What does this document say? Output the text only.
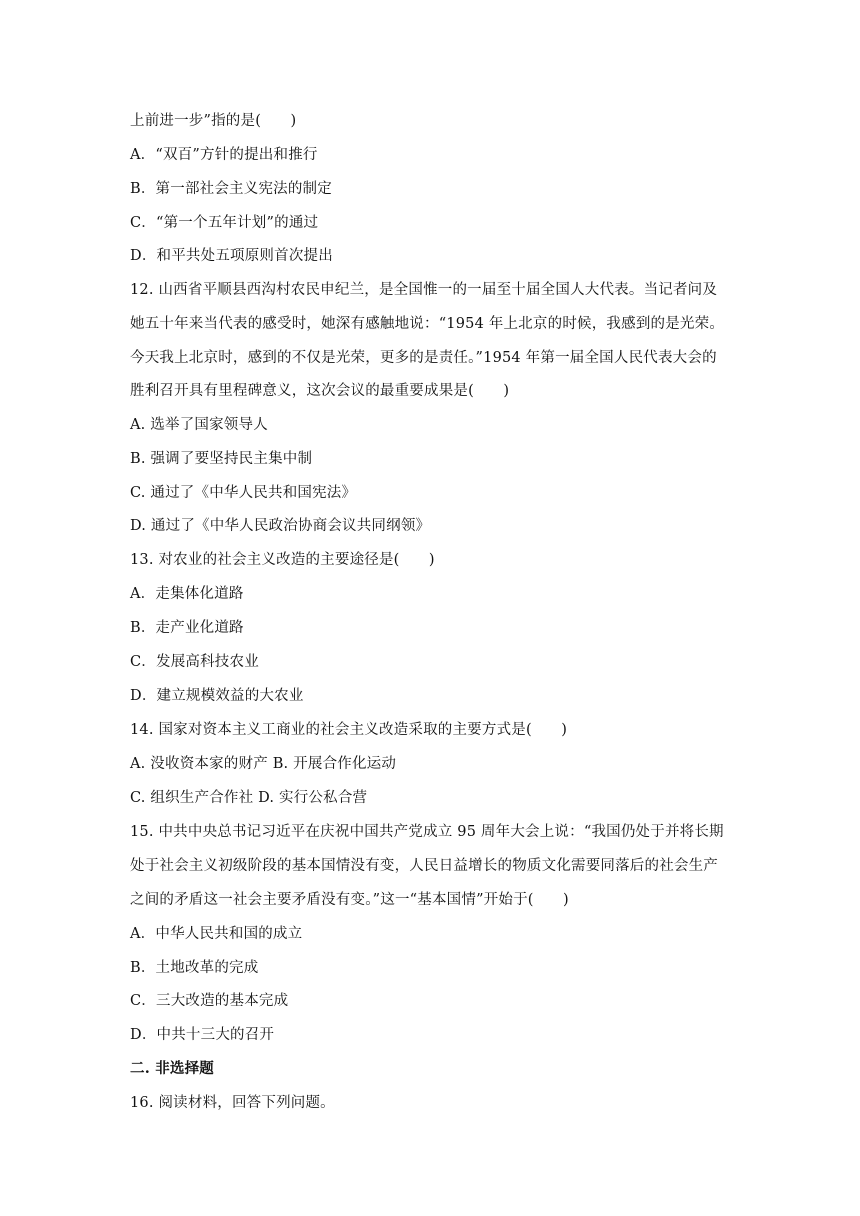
上前进一步”指的是(　　)
A．“双百”方针的提出和推行
B．第一部社会主义宪法的制定
C．“第一个五年计划”的通过
D．和平共处五项原则首次提出
12. 山西省平顺县西沟村农民申纪兰，是全国惟一的一届至十届全国人大代表。当记者问及
她五十年来当代表的感受时，她深有感触地说：“1954 年上北京的时候，我感到的是光荣。
今天我上北京时，感到的不仅是光荣，更多的是责任。”1954 年第一届全国人民代表大会的
胜利召开具有里程碑意义，这次会议的最重要成果是(　　)
A. 选举了国家领导人
B. 强调了要坚持民主集中制
C. 通过了《中华人民共和国宪法》
D. 通过了《中华人民政治协商会议共同纲领》
13. 对农业的社会主义改造的主要途径是(　　)
A．走集体化道路
B．走产业化道路
C．发展高科技农业
D．建立规模效益的大农业
14. 国家对资本主义工商业的社会主义改造采取的主要方式是(　　)
A. 没收资本家的财产 B. 开展合作化运动
C. 组织生产合作社 D. 实行公私合营
15. 中共中央总书记习近平在庆祝中国共产党成立 95 周年大会上说：“我国仍处于并将长期
处于社会主义初级阶段的基本国情没有变，人民日益增长的物质文化需要同落后的社会生产
之间的矛盾这一社会主要矛盾没有变。”这一“基本国情”开始于(　　)
A．中华人民共和国的成立
B．土地改革的完成
C．三大改造的基本完成
D．中共十三大的召开
二. 非选择题
16. 阅读材料，回答下列问题。
